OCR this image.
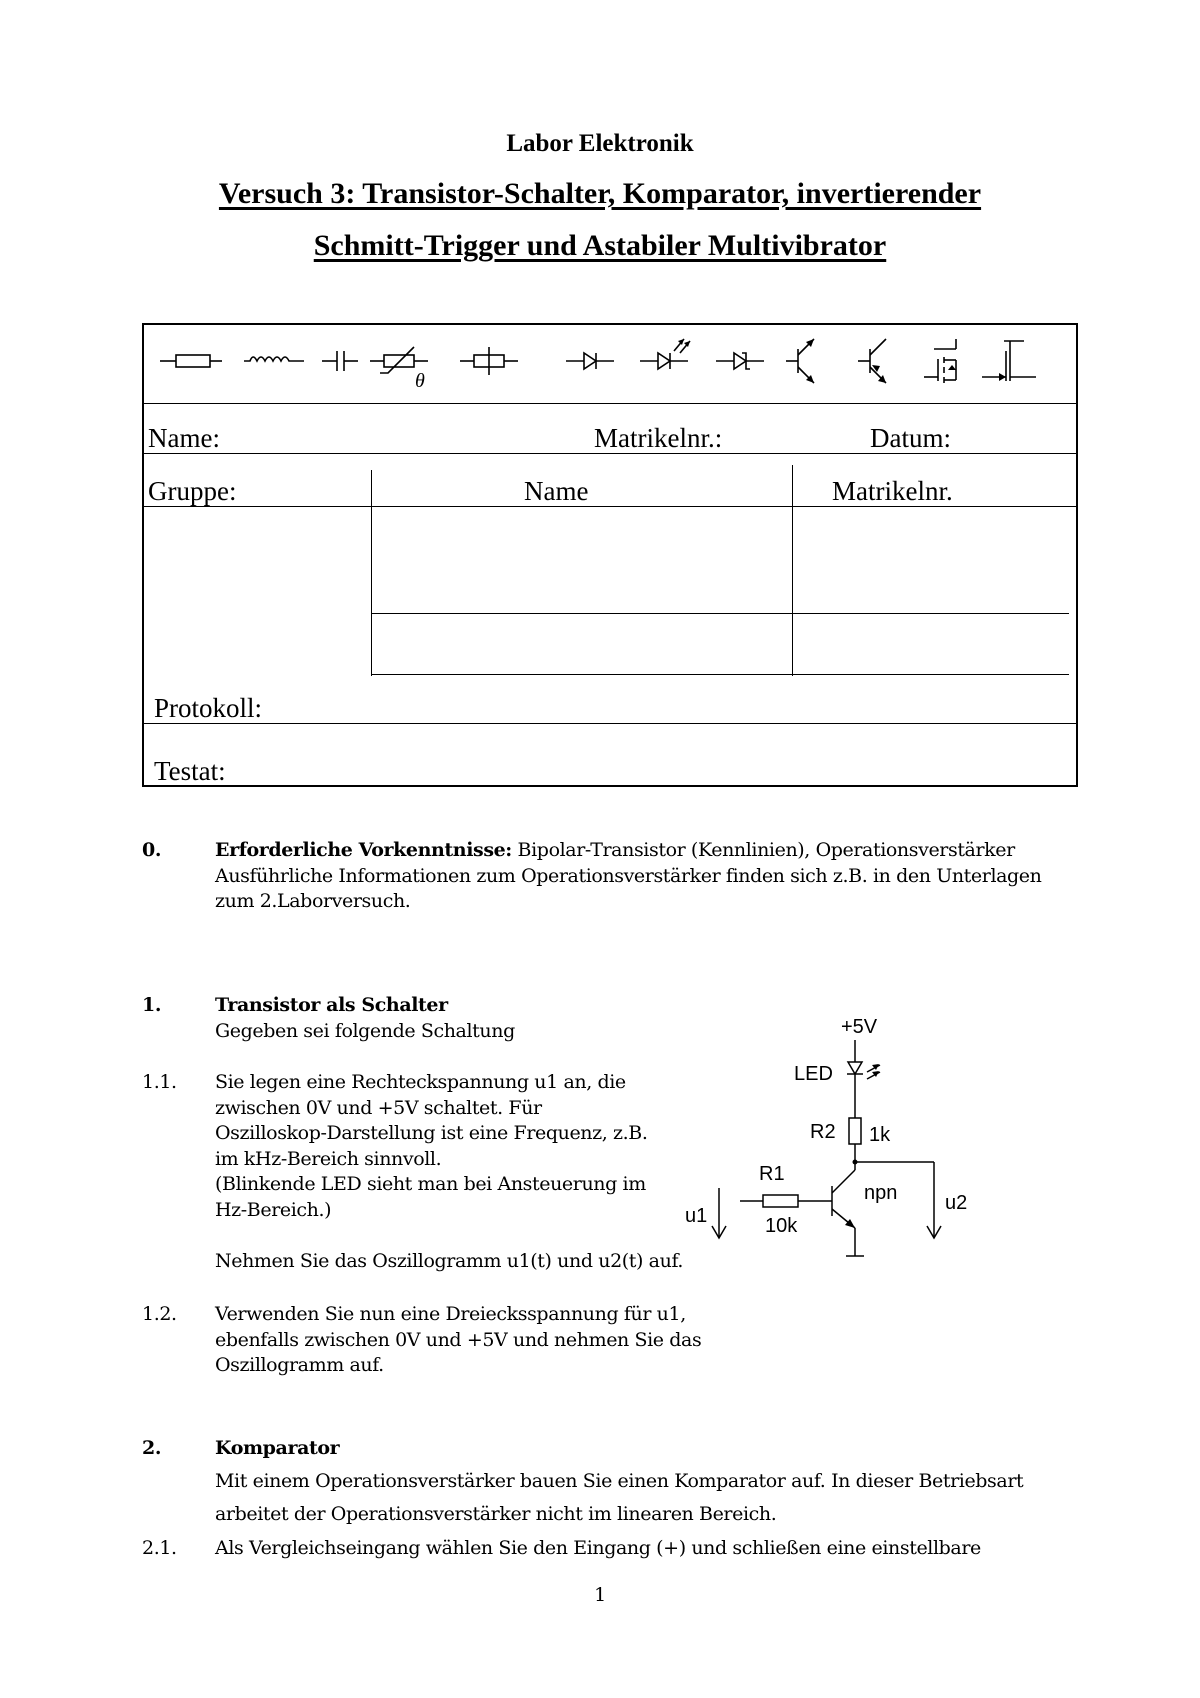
Labor Elektronik
Versuch 3: Transistor-Schalter, Komparator, invertierender
Schmitt-Trigger und Astabiler Multivibrator
θ
Name:	Matrikelnr.:	Datum:
Gruppe:	Name	Matrikelnr.
Protokoll:
Testat:
0.	Erforderliche Vorkenntnisse: Bipolar-Transistor (Kennlinien), Operationsverstärker
Ausführliche Informationen zum Operationsverstärker finden sich z.B. in den Unterlagen
zum 2.Laborversuch.
1.	Transistor als Schalter
Gegeben sei folgende Schaltung
1.1. Sie legen eine Rechteckspannung u1 an, die
zwischen 0V und +5V schaltet. Für
Oszilloskop-Darstellung ist eine Frequenz, z.B.
im kHz-Bereich sinnvoll.
(Blinkende LED sieht man bei Ansteuerung im
Hz-Bereich.)
Nehmen Sie das Oszillogramm u1(t) und u2(t) auf.
1.2. Verwenden Sie nun eine Dreiecksspannung für u1,
ebenfalls zwischen 0V und +5V und nehmen Sie das
Oszillogramm auf.
+5V
LED
R2 1k
R1
10k
npn
u1
u2
2.	Komparator
Mit einem Operationsverstärker bauen Sie einen Komparator auf. In dieser Betriebsart
arbeitet der Operationsverstärker nicht im linearen Bereich.
2.1. Als Vergleichseingang wählen Sie den Eingang (+) und schließen eine einstellbare
1
